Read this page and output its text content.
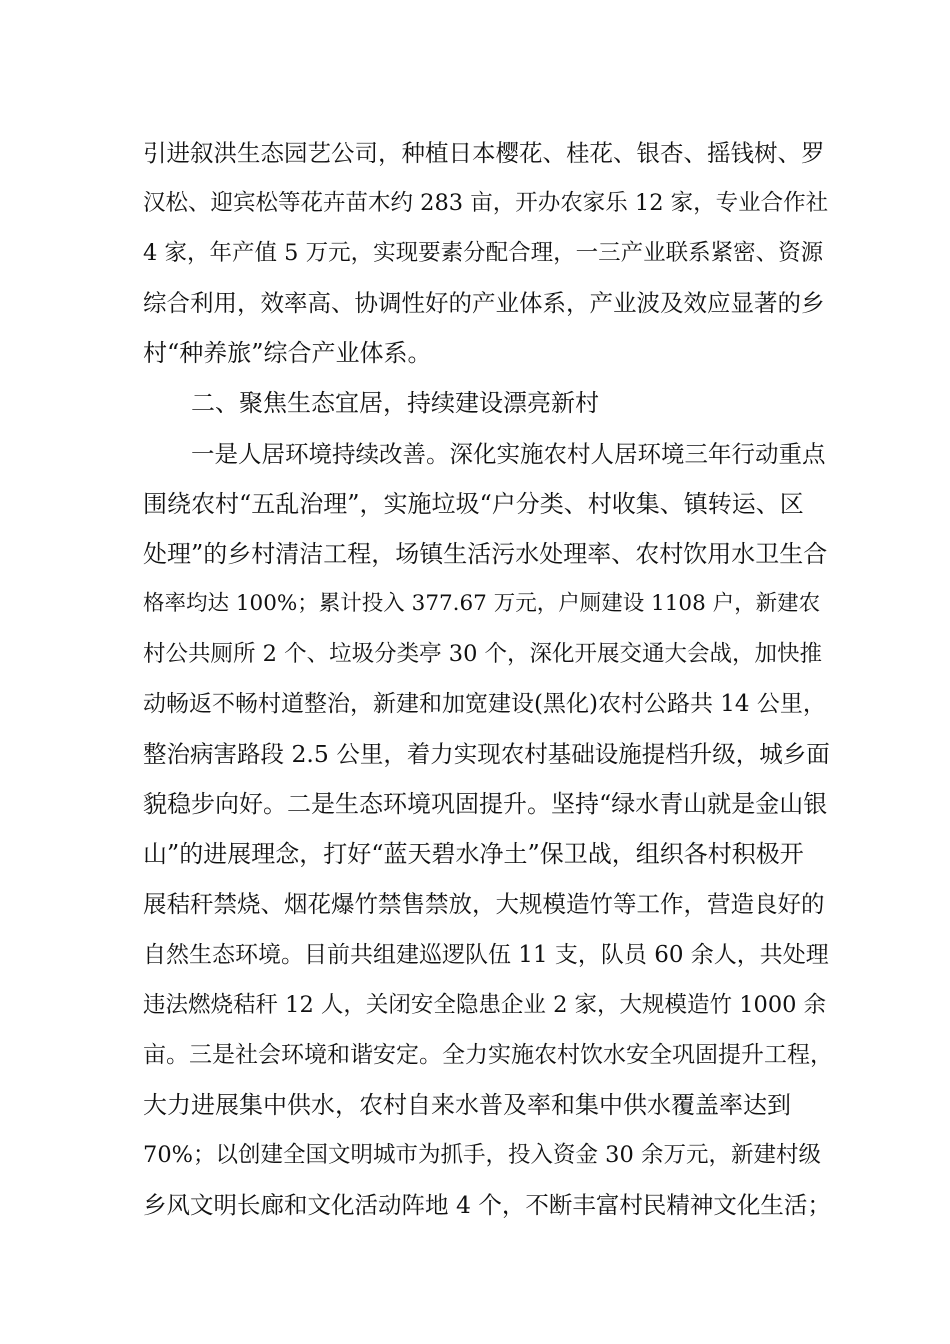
引进叙洪生态园艺公司，种植日本樱花、桂花、银杏、摇钱树、罗
汉松、迎宾松等花卉苗木约 283 亩，开办农家乐 12 家，专业合作社
4 家，年产值 5 万元，实现要素分配合理，一三产业联系紧密、资源
综合利用，效率高、协调性好的产业体系，产业波及效应显著的乡
村“种养旅”综合产业体系。
二、聚焦生态宜居，持续建设漂亮新村
一是人居环境持续改善。深化实施农村人居环境三年行动重点
围绕农村“五乱治理”，实施垃圾“户分类、村收集、镇转运、区
处理”的乡村清洁工程，场镇生活污水处理率、农村饮用水卫生合
格率均达 100%；累计投入 377.67 万元，户厕建设 1108 户，新建农
村公共厕所 2 个、垃圾分类亭 30 个，深化开展交通大会战，加快推
动畅返不畅村道整治，新建和加宽建设(黑化)农村公路共 14 公里，
整治病害路段 2.5 公里，着力实现农村基础设施提档升级，城乡面
貌稳步向好。二是生态环境巩固提升。坚持“绿水青山就是金山银
山”的进展理念，打好“蓝天碧水净土”保卫战，组织各村积极开
展秸秆禁烧、烟花爆竹禁售禁放，大规模造竹等工作，营造良好的
自然生态环境。目前共组建巡逻队伍 11 支，队员 60 余人，共处理
违法燃烧秸秆 12 人，关闭安全隐患企业 2 家，大规模造竹 1000 余
亩。三是社会环境和谐安定。全力实施农村饮水安全巩固提升工程，
大力进展集中供水，农村自来水普及率和集中供水覆盖率达到
70%；以创建全国文明城市为抓手，投入资金 30 余万元，新建村级
乡风文明长廊和文化活动阵地 4 个，不断丰富村民精神文化生活；
